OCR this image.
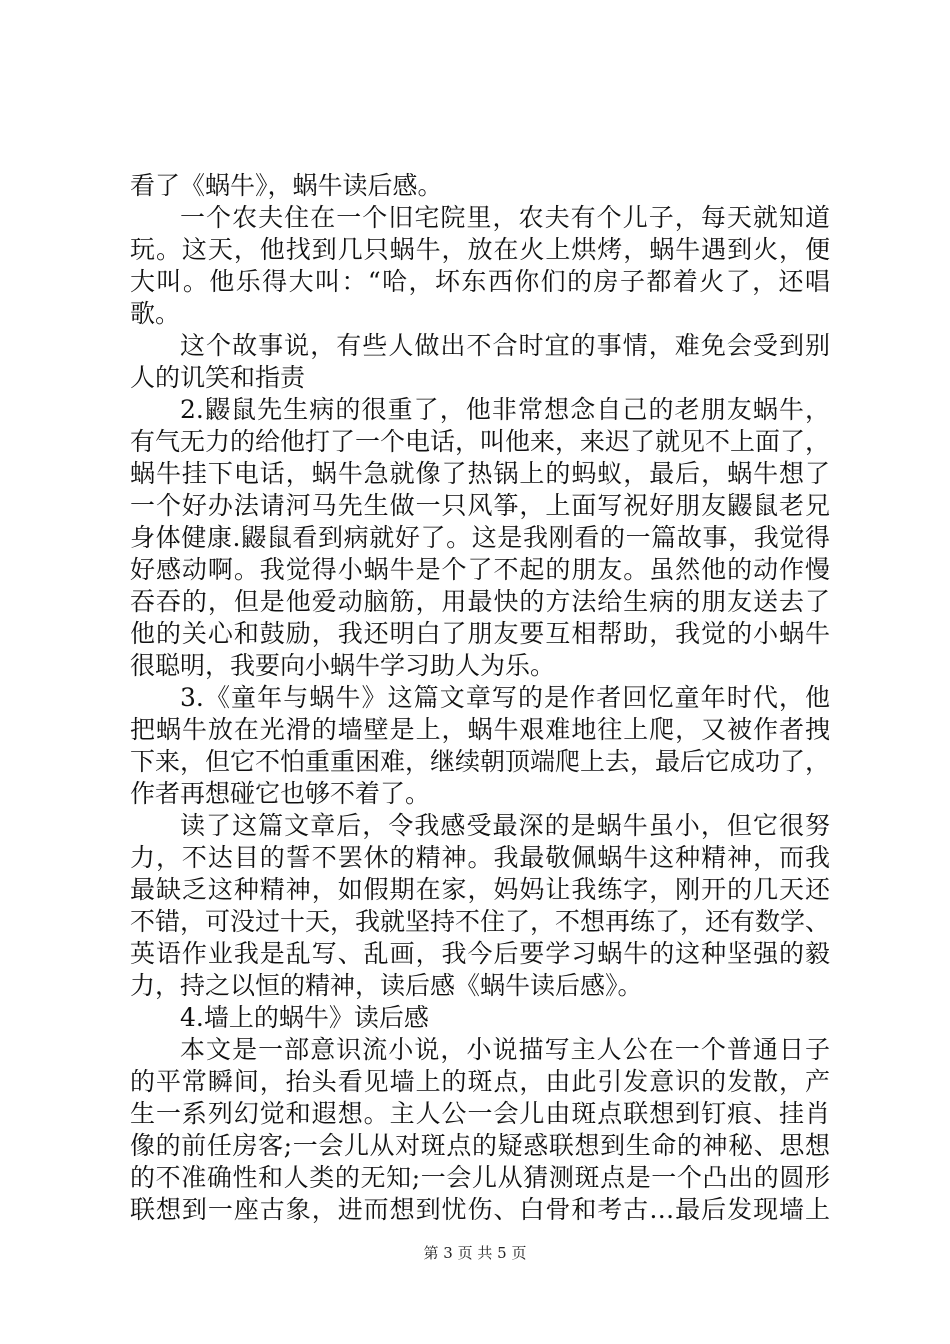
看了《蜗牛》，蜗牛读后感。
一个农夫住在一个旧宅院里，农夫有个儿子，每天就知道
玩。这天，他找到几只蜗牛，放在火上烘烤，蜗牛遇到火，便
大叫。他乐得大叫：“哈，坏东西你们的房子都着火了，还唱
歌。
这个故事说，有些人做出不合时宜的事情，难免会受到别
人的讥笑和指责
2.鼹鼠先生病的很重了，他非常想念自己的老朋友蜗牛，
有气无力的给他打了一个电话，叫他来，来迟了就见不上面了，
蜗牛挂下电话，蜗牛急就像了热锅上的蚂蚁，最后，蜗牛想了
一个好办法请河马先生做一只风筝，上面写祝好朋友鼹鼠老兄
身体健康.鼹鼠看到病就好了。这是我刚看的一篇故事，我觉得
好感动啊。我觉得小蜗牛是个了不起的朋友。虽然他的动作慢
吞吞的，但是他爱动脑筋，用最快的方法给生病的朋友送去了
他的关心和鼓励，我还明白了朋友要互相帮助，我觉的小蜗牛
很聪明，我要向小蜗牛学习助人为乐。
3.《童年与蜗牛》这篇文章写的是作者回忆童年时代，他
把蜗牛放在光滑的墙壁是上，蜗牛艰难地往上爬，又被作者拽
下来，但它不怕重重困难，继续朝顶端爬上去，最后它成功了，
作者再想碰它也够不着了。
读了这篇文章后，令我感受最深的是蜗牛虽小，但它很努
力，不达目的誓不罢休的精神。我最敬佩蜗牛这种精神，而我
最缺乏这种精神，如假期在家，妈妈让我练字，刚开的几天还
不错，可没过十天，我就坚持不住了，不想再练了，还有数学、
英语作业我是乱写、乱画，我今后要学习蜗牛的这种坚强的毅
力，持之以恒的精神，读后感《蜗牛读后感》。
4.墙上的蜗牛》读后感
本文是一部意识流小说，小说描写主人公在一个普通日子
的平常瞬间，抬头看见墙上的斑点，由此引发意识的发散，产
生一系列幻觉和遐想。主人公一会儿由斑点联想到钉痕、挂肖
像的前任房客;一会儿从对斑点的疑惑联想到生命的神秘、思想
的不准确性和人类的无知;一会儿从猜测斑点是一个凸出的圆形
联想到一座古象，进而想到忧伤、白骨和考古…最后发现墙上
第 3 页 共 5 页
